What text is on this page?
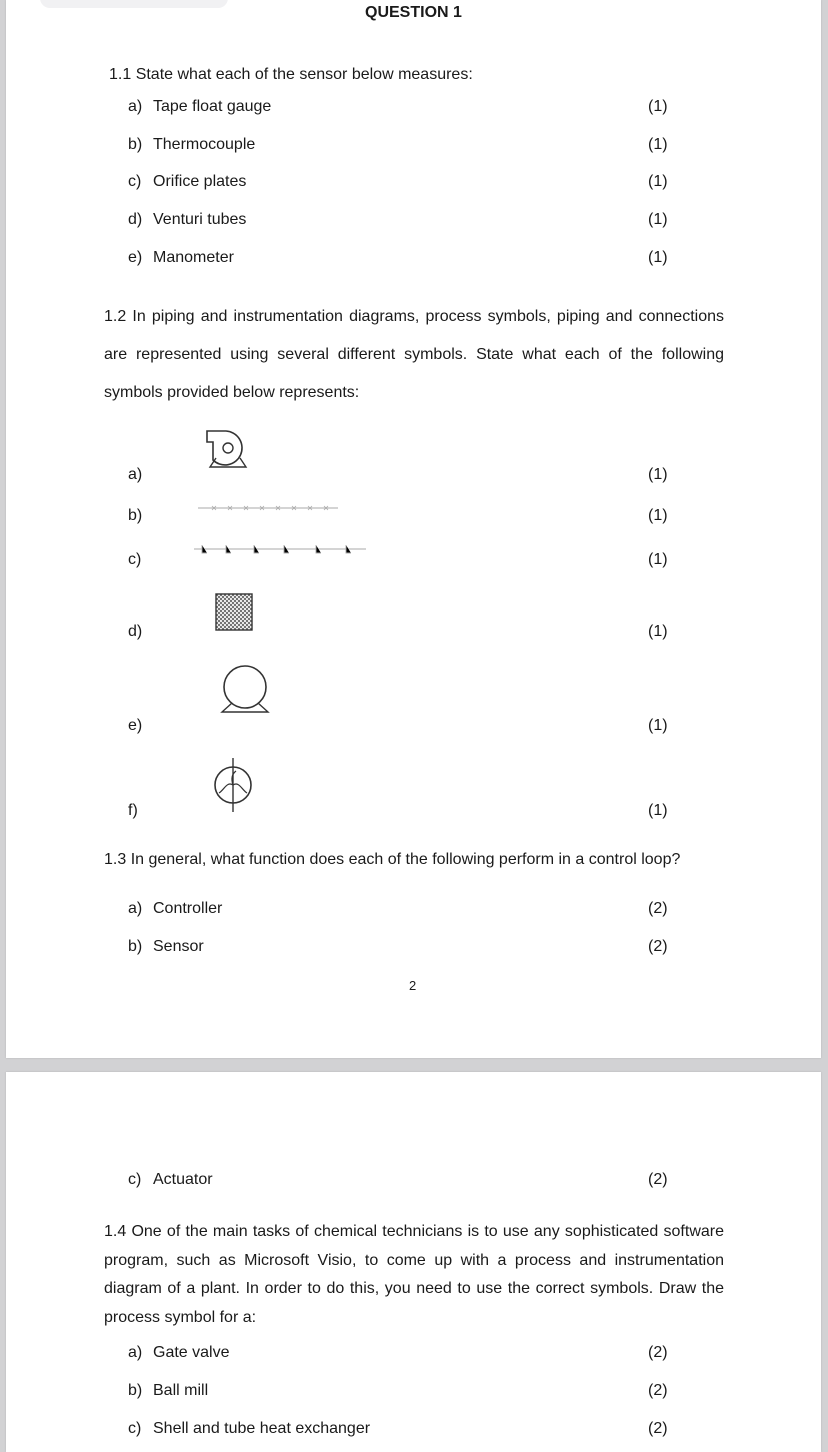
QUESTION 1
1.1 State what each of the sensor below measures:
a) Tape float gauge	(1)
b) Thermocouple	(1)
c) Orifice plates	(1)
d) Venturi tubes	(1)
e) Manometer	(1)
1.2 In piping and instrumentation diagrams, process symbols, piping and connections are represented using several different symbols. State what each of the following symbols provided below represents:
a)	(1)
b)	(1)
c)	(1)
d)	(1)
e)	(1)
f)	(1)
1.3 In general, what function does each of the following perform in a control loop?
a) Controller	(2)
b) Sensor	(2)
2
c) Actuator	(2)
1.4 One of the main tasks of chemical technicians is to use any sophisticated software program, such as Microsoft Visio, to come up with a process and instrumentation diagram of a plant. In order to do this, you need to use the correct symbols. Draw the process symbol for a:
a) Gate valve	(2)
b) Ball mill	(2)
c) Shell and tube heat exchanger	(2)
